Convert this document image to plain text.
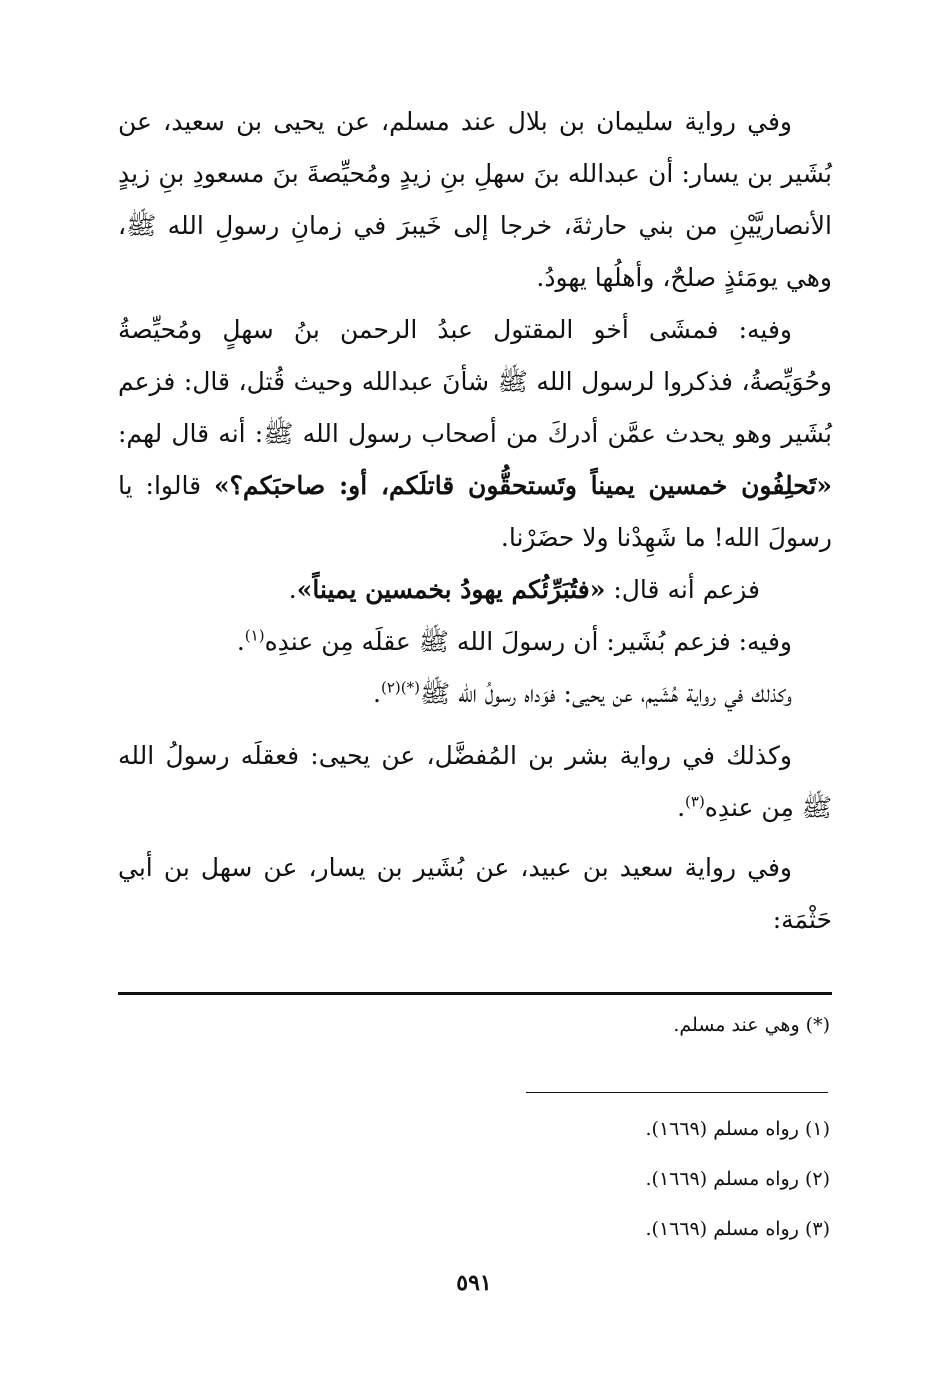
وفي رواية سليمان بن بلال عند مسلم، عن يحيى بن سعيد، عن بُشَير بن يسار: أن عبدالله بنَ سهلِ بنِ زيدٍ ومُحيِّصةَ بنَ مسعودِ بنِ زيدٍ الأنصاريَّيْنِ من بني حارثةَ، خرجا إلى خَيبرَ في زمانِ رسولِ الله ﷺ، وهي يومَئذٍ صلحٌ، وأهلُها يهودُ.

وفيه: فمشَى أخو المقتول عبدُ الرحمن بنُ سهلٍ ومُحيِّصةُ وحُوَيِّصةُ، فذكروا لرسول الله ﷺ شأنَ عبدالله وحيث قُتل، قال: فزعم بُشَير وهو يحدث عمَّن أدركَ من أصحاب رسول الله ﷺ: أنه قال لهم: «تَحلِفُون خمسين يميناً وتَستحقُّون قاتلَكم، أو: صاحبَكم؟» قالوا: يا رسولَ الله! ما شَهِدْنا ولا حضَرْنا.

فزعم أنه قال: «فتُبَرِّئُكم يهودُ بخمسين يميناً».

وفيه: فزعم بُشَير: أن رسولَ الله ﷺ عقلَه مِن عندِه$^{(١)}$.

وكذلك في رواية هُشَيم، عن يحيى: فوَداه رسولُ الله ﷺ$^{(*)(٢)}$.

وكذلك في رواية بشر بن المُفضَّل، عن يحيى: فعقلَه رسولُ الله ﷺ مِن عندِه$^{(٣)}$.

وفي رواية سعيد بن عبيد، عن بُشَير بن يسار، عن سهل بن أبي حَثْمَة:

(*) وهي عند مسلم.

(١) رواه مسلم (١٦٦٩).

(٢) رواه مسلم (١٦٦٩).

(٣) رواه مسلم (١٦٦٩).

٥٩١
